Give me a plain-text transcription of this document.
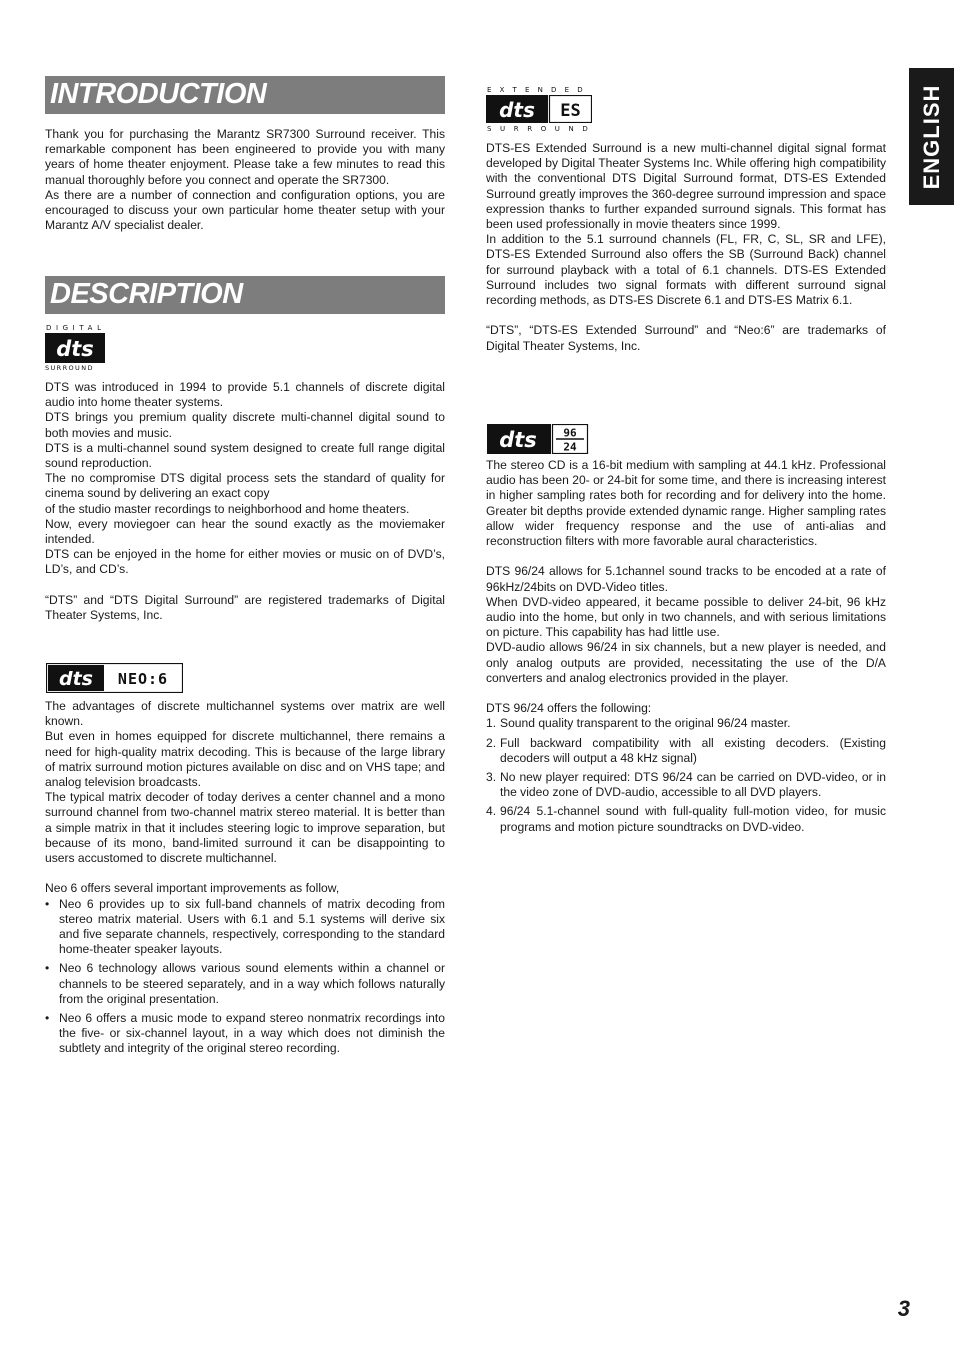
INTRODUCTION

Thank you for purchasing the Marantz SR7300 Surround receiver. This remarkable component has been engineered to provide you with many years of home theater enjoyment. Please take a few minutes to read this manual thoroughly before you connect and operate the SR7300.

As there are a number of connection and configuration options, you are encouraged to discuss your own particular home theater setup with your Marantz A/V specialist dealer.

DESCRIPTION
DIGITAL
dts
SURROUND

DTS was introduced in 1994 to provide 5.1 channels of discrete digital audio into home theater systems.

DTS brings you premium quality discrete multi-channel digital sound to both movies and music.

DTS is a multi-channel sound system designed to create full range digital sound reproduction.

The no compromise DTS digital process sets the standard of quality for cinema sound by delivering an exact copy

of the studio master recordings to neighborhood and home theaters.

Now, every moviegoer can hear the sound exactly as the moviemaker intended.

DTS can be enjoyed in the home for either movies or music on of DVD’s, LD’s, and CD’s.

“DTS” and “DTS Digital Surround” are registered trademarks of Digital Theater Systems, Inc.

dts NEO:6

The advantages of discrete multichannel systems over matrix are well known.

But even in homes equipped for discrete multichannel, there remains a need for high-quality matrix decoding. This is because of the large library of matrix surround motion pictures available on disc and on VHS tape; and analog television broadcasts.

The typical matrix decoder of today derives a center channel and a mono surround channel from two-channel matrix stereo material. It is better than a simple matrix in that it includes steering logic to improve separation, but because of its mono, band-limited surround it can be disappointing to users accustomed to discrete multichannel.

Neo 6 offers several important improvements as follow,

• Neo 6 provides up to six full-band channels of matrix decoding from stereo matrix material. Users with 6.1 and 5.1 systems will derive six and five separate channels, respectively, corresponding to the standard home-theater speaker layouts.
• Neo 6 technology allows various sound elements within a channel or channels to be steered separately, and in a way which follows naturally from the original presentation.
• Neo 6 offers a music mode to expand stereo nonmatrix recordings into the five- or six-channel layout, in a way which does not diminish the subtlety and integrity of the original stereo recording.
EXTENDED
dts ES
SURROUND

DTS-ES Extended Surround is a new multi-channel digital signal format developed by Digital Theater Systems Inc. While offering high compatibility with the conventional DTS Digital Surround format, DTS-ES Extended Surround greatly improves the 360-degree surround impression and space expression thanks to further expanded surround signals. This format has been used professionally in movie theaters since 1999.

In addition to the 5.1 surround channels (FL, FR, C, SL, SR and LFE), DTS-ES Extended Surround also offers the SB (Surround Back) channel for surround playback with a total of 6.1 channels. DTS-ES Extended Surround includes two signal formats with different surround signal recording methods, as DTS-ES Discrete 6.1 and DTS-ES Matrix 6.1.

“DTS”, “DTS-ES Extended Surround” and “Neo:6” are trademarks of Digital Theater Systems, Inc.

dts 96
24

The stereo CD is a 16-bit medium with sampling at 44.1 kHz. Professional audio has been 20- or 24-bit for some time, and there is increasing interest in higher sampling rates both for recording and for delivery into the home. Greater bit depths provide extended dynamic range. Higher sampling rates allow wider frequency response and the use of anti-alias and reconstruction filters with more favorable aural characteristics.

DTS 96/24 allows for 5.1channel sound tracks to be encoded at a rate of 96kHz/24bits on DVD-Video titles.

When DVD-video appeared, it became possible to deliver 24-bit, 96 kHz audio into the home, but only in two channels, and with serious limitations on picture. This capability has had little use.

DVD-audio allows 96/24 in six channels, but a new player is needed, and only analog outputs are provided, necessitating the use of the D/A converters and analog electronics provided in the player.

DTS 96/24 offers the following:

1. Sound quality transparent to the original 96/24 master.
2. Full backward compatibility with all existing decoders. (Existing decoders will output a 48 kHz signal)
3. No new player required: DTS 96/24 can be carried on DVD-video, or in the video zone of DVD-audio, accessible to all DVD players.
4. 96/24 5.1-channel sound with full-quality full-motion video, for music programs and motion picture soundtracks on DVD-video.
ENGLISH
3
